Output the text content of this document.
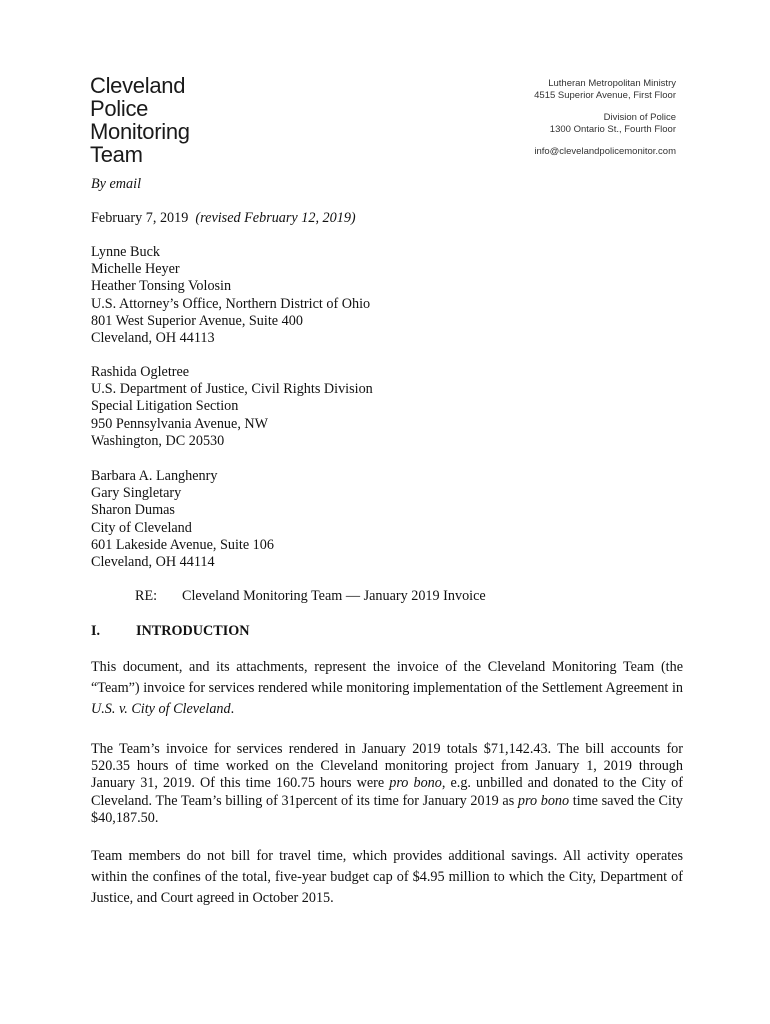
Cleveland
Police
Monitoring
Team
Lutheran Metropolitan Ministry
4515 Superior Avenue, First Floor
Division of Police
1300 Ontario St., Fourth Floor
info@clevelandpolicemonitor.com
By email
February 7, 2019 (revised February 12, 2019)
Lynne Buck
Michelle Heyer
Heather Tonsing Volosin
U.S. Attorney’s Office, Northern District of Ohio
801 West Superior Avenue, Suite 400
Cleveland, OH 44113
Rashida Ogletree
U.S. Department of Justice, Civil Rights Division
Special Litigation Section
950 Pennsylvania Avenue, NW
Washington, DC 20530
Barbara A. Langhenry
Gary Singletary
Sharon Dumas
City of Cleveland
601 Lakeside Avenue, Suite 106
Cleveland, OH 44114
RE: Cleveland Monitoring Team — January 2019 Invoice
I.	INTRODUCTION
This document, and its attachments, represent the invoice of the Cleveland Monitoring Team (the “Team”) invoice for services rendered while monitoring implementation of the Settlement Agreement in U.S. v. City of Cleveland.
The Team’s invoice for services rendered in January 2019 totals $71,142.43. The bill accounts for 520.35 hours of time worked on the Cleveland monitoring project from January 1, 2019 through January 31, 2019. Of this time 160.75 hours were pro bono, e.g. unbilled and donated to the City of Cleveland. The Team’s billing of 31percent of its time for January 2019 as pro bono time saved the City $40,187.50.
Team members do not bill for travel time, which provides additional savings. All activity operates within the confines of the total, five-year budget cap of $4.95 million to which the City, Department of Justice, and Court agreed in October 2015.
